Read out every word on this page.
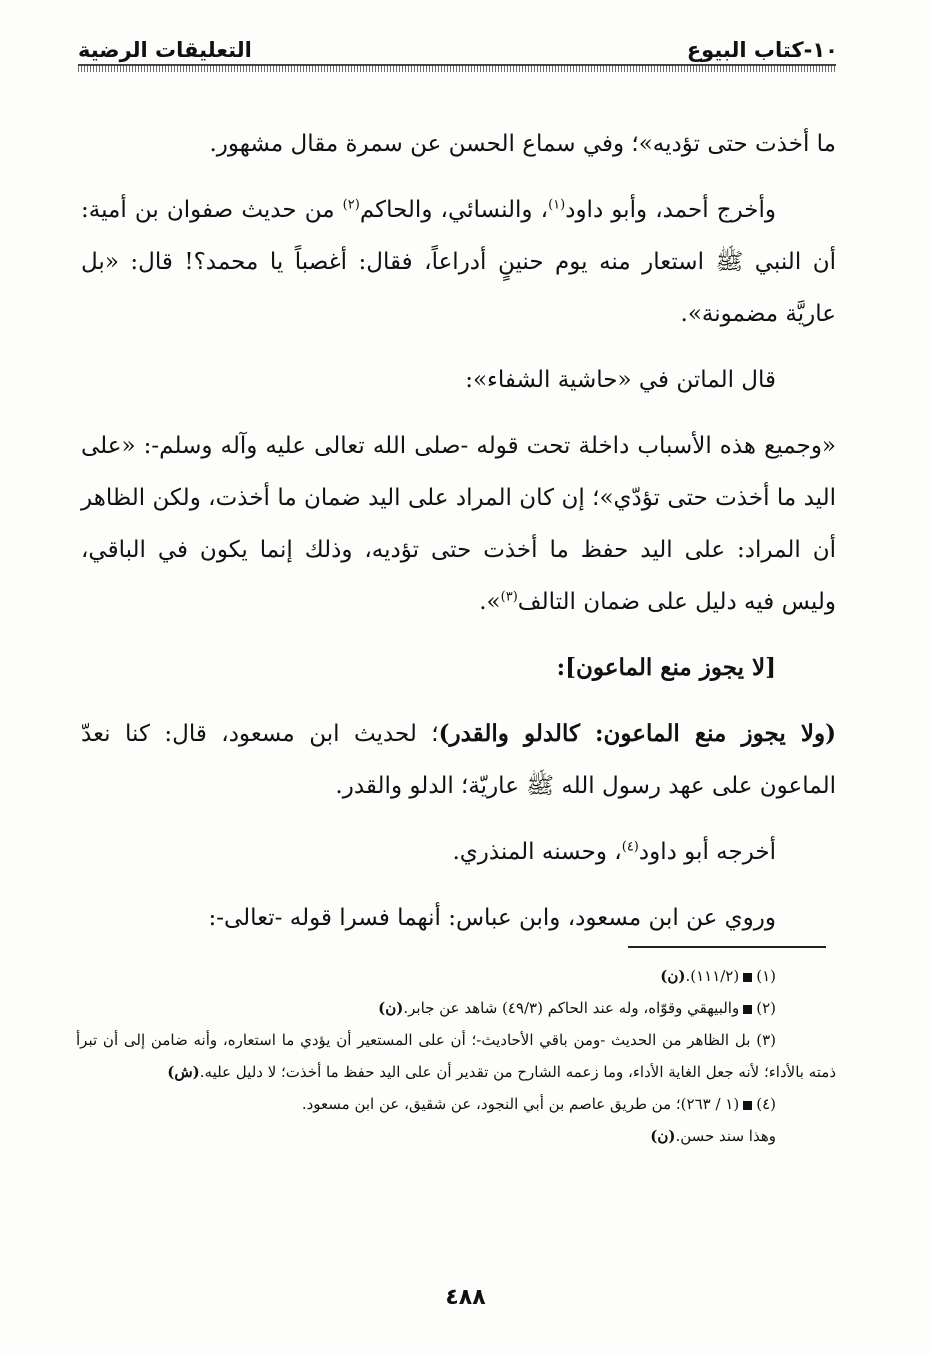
١٠-كتاب البيوع
التعليقات الرضية

ما أخذت حتى تؤديه»؛ وفي سماع الحسن عن سمرة مقال مشهور.

وأخرج أحمد، وأبو داود$^{(١)}$، والنسائي، والحاكم$^{(٢)}$ من حديث صفوان بن أمية: أن النبي ﷺ استعار منه يوم حنينٍ أدراعاً، فقال: أغصباً يا محمد؟! قال: «بل عاريَّة مضمونة».

قال الماتن في «حاشية الشفاء»:

«وجميع هذه الأسباب داخلة تحت قوله -صلى الله تعالى عليه وآله وسلم-: «على اليد ما أخذت حتى تؤدّي»؛ إن كان المراد على اليد ضمان ما أخذت، ولكن الظاهر أن المراد: على اليد حفظ ما أخذت حتى تؤديه، وذلك إنما يكون في الباقي، وليس فيه دليل على ضمان التالف$^{(٣)}$».

[لا يجوز منع الماعون]:

(ولا يجوز منع الماعون: كالدلو والقدر)؛ لحديث ابن مسعود، قال: كنا نعدّ الماعون على عهد رسول الله ﷺ عاريّة؛ الدلو والقدر.

أخرجه أبو داود$^{(٤)}$، وحسنه المنذري.

وروي عن ابن مسعود، وابن عباس: أنهما فسرا قوله -تعالى-:

(١)(١١١/٢).(ن)

(٢)والبيهقي وقوّاه، وله عند الحاكم (٤٩/٣) شاهد عن جابر.(ن)

(٣) بل الظاهر من الحديث -ومن باقي الأحاديث-؛ أن على المستعير أن يؤدي ما استعاره، وأنه ضامن إلى أن تبرأ ذمته بالأداء؛ لأنه جعل الغاية الأداء، وما زعمه الشارح من تقدير أن على اليد حفظ ما أخذت؛ لا دليل عليه.(ش)

(٤)(١ / ٢٦٣)؛ من طريق عاصم بن أبي النجود، عن شقيق، عن ابن مسعود.

وهذا سند حسن.(ن)

٤٨٨
